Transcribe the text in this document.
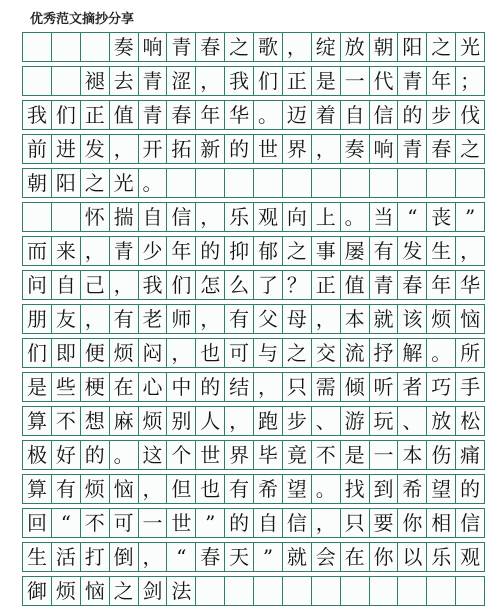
优秀范文摘抄分享
奏 响 青 春 之 歌 ， 绽 放 朝 阳 之 光
褪 去 青 涩 ， 我 们 正 是 一 代 青 年 ；
我 们 正 值 青 春 年 华 。 迈 着 自 信 的 步 伐
前 进 发 ， 开 拓 新 的 世 界 ， 奏 响 青 春 之
朝 阳 之 光 。
怀 揣 自 信 ， 乐 观 向 上 。 当 “ 丧 ”
而 来 ， 青 少 年 的 抑 郁 之 事 屡 有 发 生 ，
问 自 己 ， 我 们 怎 么 了 ？ 正 值 青 春 年 华
朋 友 ， 有 老 师 ， 有 父 母 ， 本 就 该 烦 恼
们 即 便 烦 闷 ， 也 可 与 之 交 流 抒 解 。 所
是 些 梗 在 心 中 的 结 ， 只 需 倾 听 者 巧 手
算 不 想 麻 烦 别 人 ， 跑 步 、 游 玩 、 放 松
极 好 的 。 这 个 世 界 毕 竟 不 是 一 本 伤 痛
算 有 烦 恼 ， 但 也 有 希 望 。 找 到 希 望 的
回 “ 不 可 一 世 ” 的 自 信 ， 只 要 你 相 信
生 活 打 倒 ， “ 春 天 ” 就 会 在 你 以 乐 观
御 烦 恼 之 剑 法
